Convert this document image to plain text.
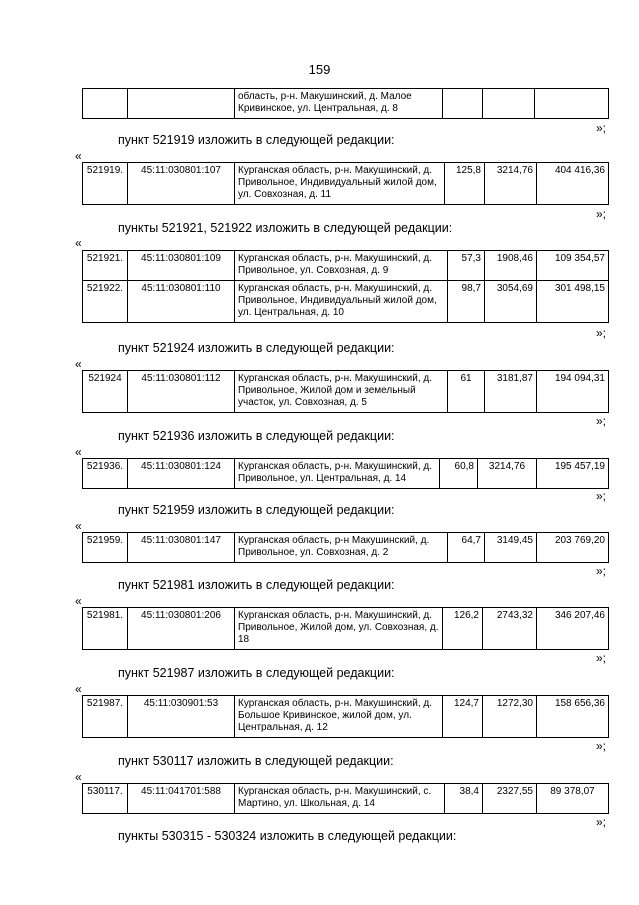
159
		область, р-н. Макушинский, д. Малое Кривинское, ул. Центральная, д. 8			
»;
пункт 521919 изложить в следующей редакции:
«
521919.	45:11:030801:107	Курганская область, р-н. Макушинский, д. Привольное, Индивидуальный жилой дом, ул. Совхозная, д. 11	125,8	3214,76	404 416,36
»;
пункты 521921, 521922 изложить в следующей редакции:
«
521921.	45:11:030801:109	Курганская область, р-н. Макушинский, д. Привольное, ул. Совхозная, д. 9	57,3	1908,46	109 354,57
521922.	45:11:030801:110	Курганская область, р-н. Макушинский, д. Привольное, Индивидуальный жилой дом, ул. Центральная, д. 10	98,7	3054,69	301 498,15
»;
пункт 521924 изложить в следующей редакции:
«
521924	45:11:030801:112	Курганская область, р-н. Макушинский, д. Привольное, Жилой дом и земельный участок, ул. Совхозная, д. 5	61	3181,87	194 094,31
»;
пункт 521936 изложить в следующей редакции:
«
521936.	45:11:030801:124	Курганская область, р-н. Макушинский, д. Привольное, ул. Центральная, д. 14	60,8	3214,76	195 457,19
»;
пункт 521959 изложить в следующей редакции:
«
521959.	45:11:030801:147	Курганская область, р-н Макушинский, д. Привольное, ул. Совхозная, д. 2	64,7	3149,45	203 769,20
»;
пункт 521981 изложить в следующей редакции:
«
521981.	45:11:030801:206	Курганская область, р-н. Макушинский, д. Привольное, Жилой дом, ул. Совхозная, д. 18	126,2	2743,32	346 207,46
»;
пункт 521987 изложить в следующей редакции:
«
521987.	45:11:030901:53	Курганская область, р-н. Макушинский, д. Большое Кривинское, жилой дом, ул. Центральная, д. 12	124,7	1272,30	158 656,36
»;
пункт 530117 изложить в следующей редакции:
«
530117.	45:11:041701:588	Курганская область, р-н. Макушинский, с. Мартино, ул. Школьная, д. 14	38,4	2327,55	89 378,07
»;
пункты 530315 - 530324 изложить в следующей редакции:
